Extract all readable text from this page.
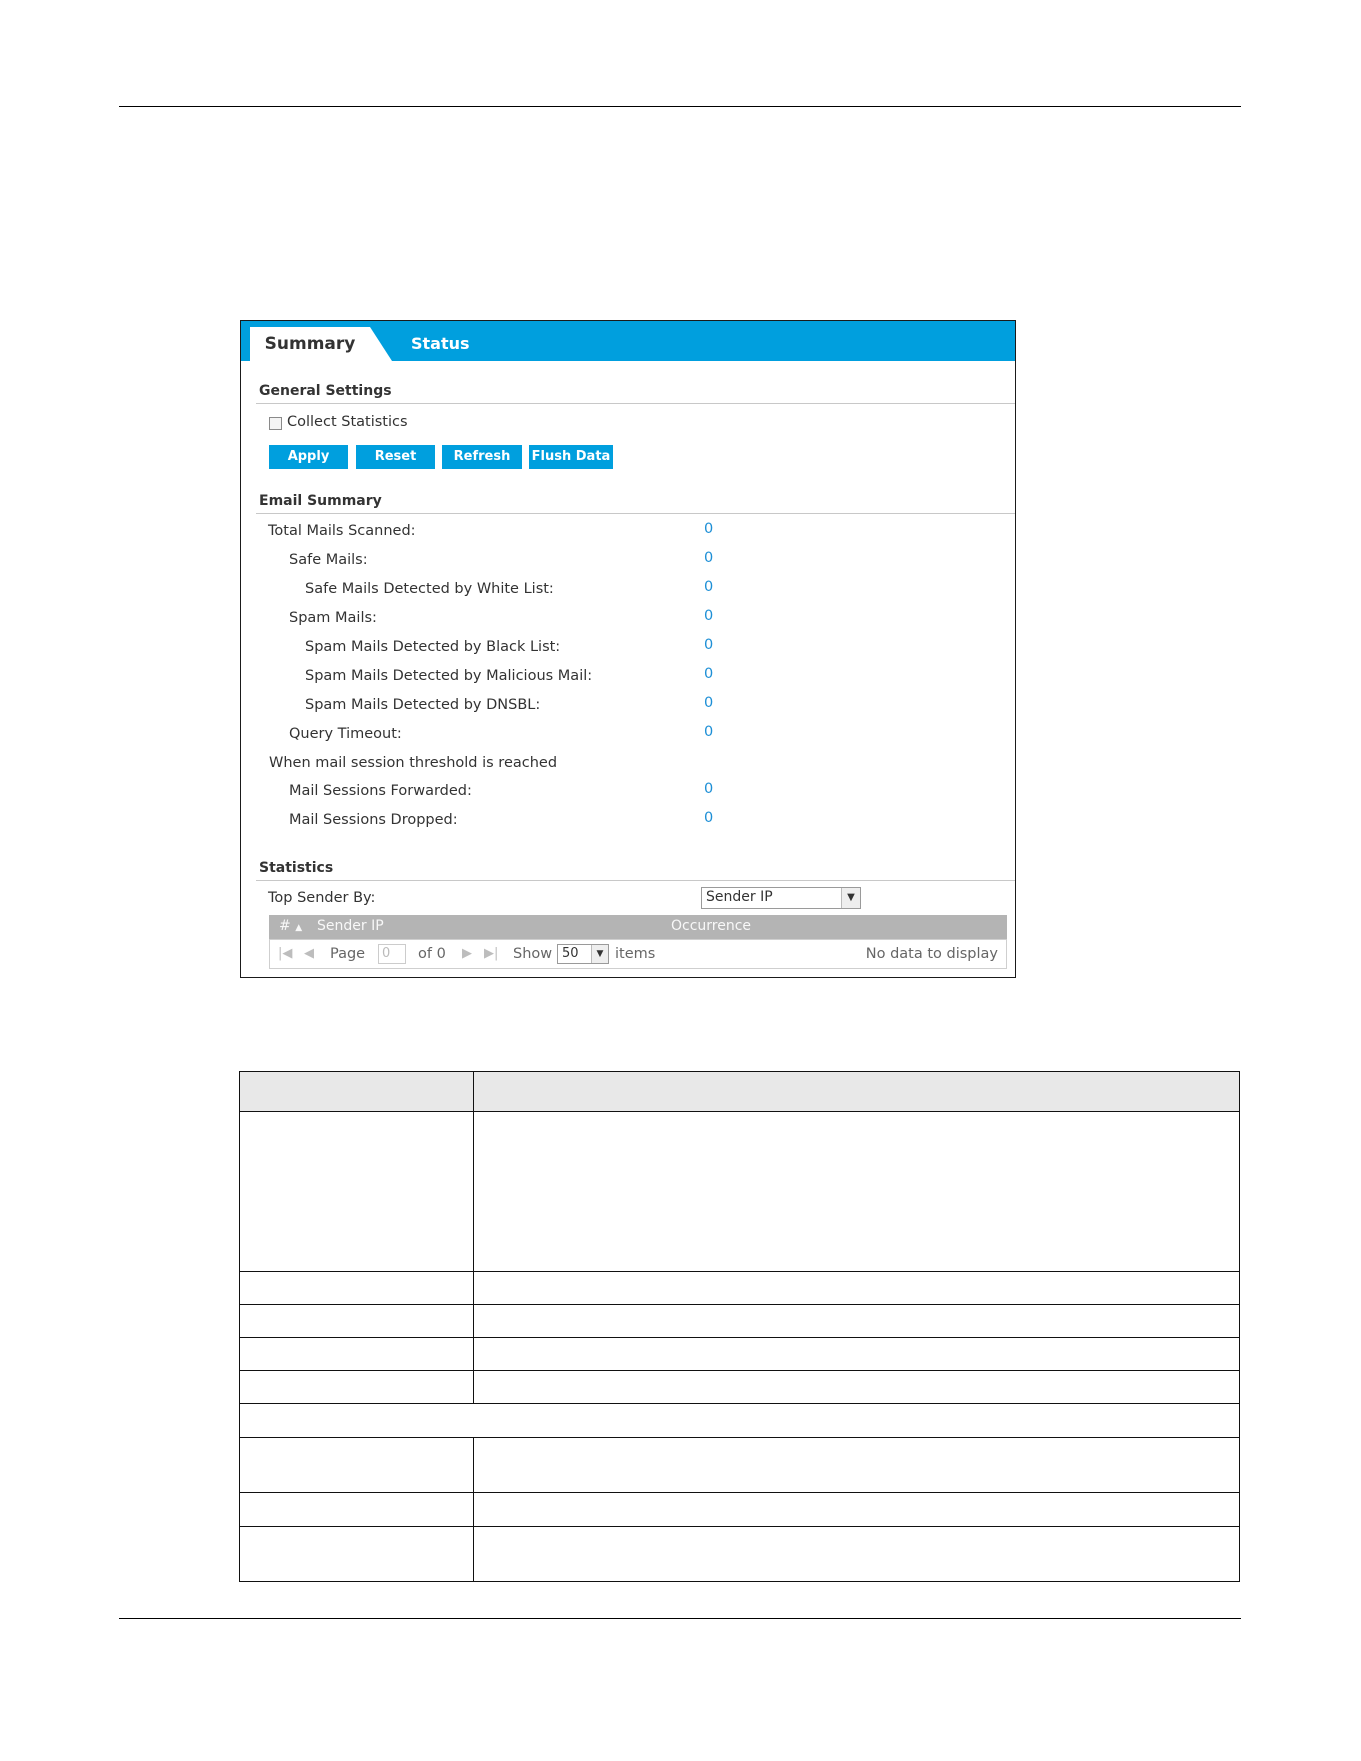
Summary	Status
General Settings
Collect Statistics
Apply	Reset	Refresh	Flush Data
Email Summary
Total Mails Scanned:	0
Safe Mails:	0
Safe Mails Detected by White List:	0
Spam Mails:	0
Spam Mails Detected by Black List:	0
Spam Mails Detected by Malicious Mail:	0
Spam Mails Detected by DNSBL:	0
Query Timeout:	0
When mail session threshold is reached
Mail Sessions Forwarded:	0
Mail Sessions Dropped:	0
Statistics
Top Sender By:	Sender IP	▼
# ▲ Sender IP	Occurrence
|◀ ◀ Page	0	of 0 ▶ ▶| Show 50	▼ items	No data to display
